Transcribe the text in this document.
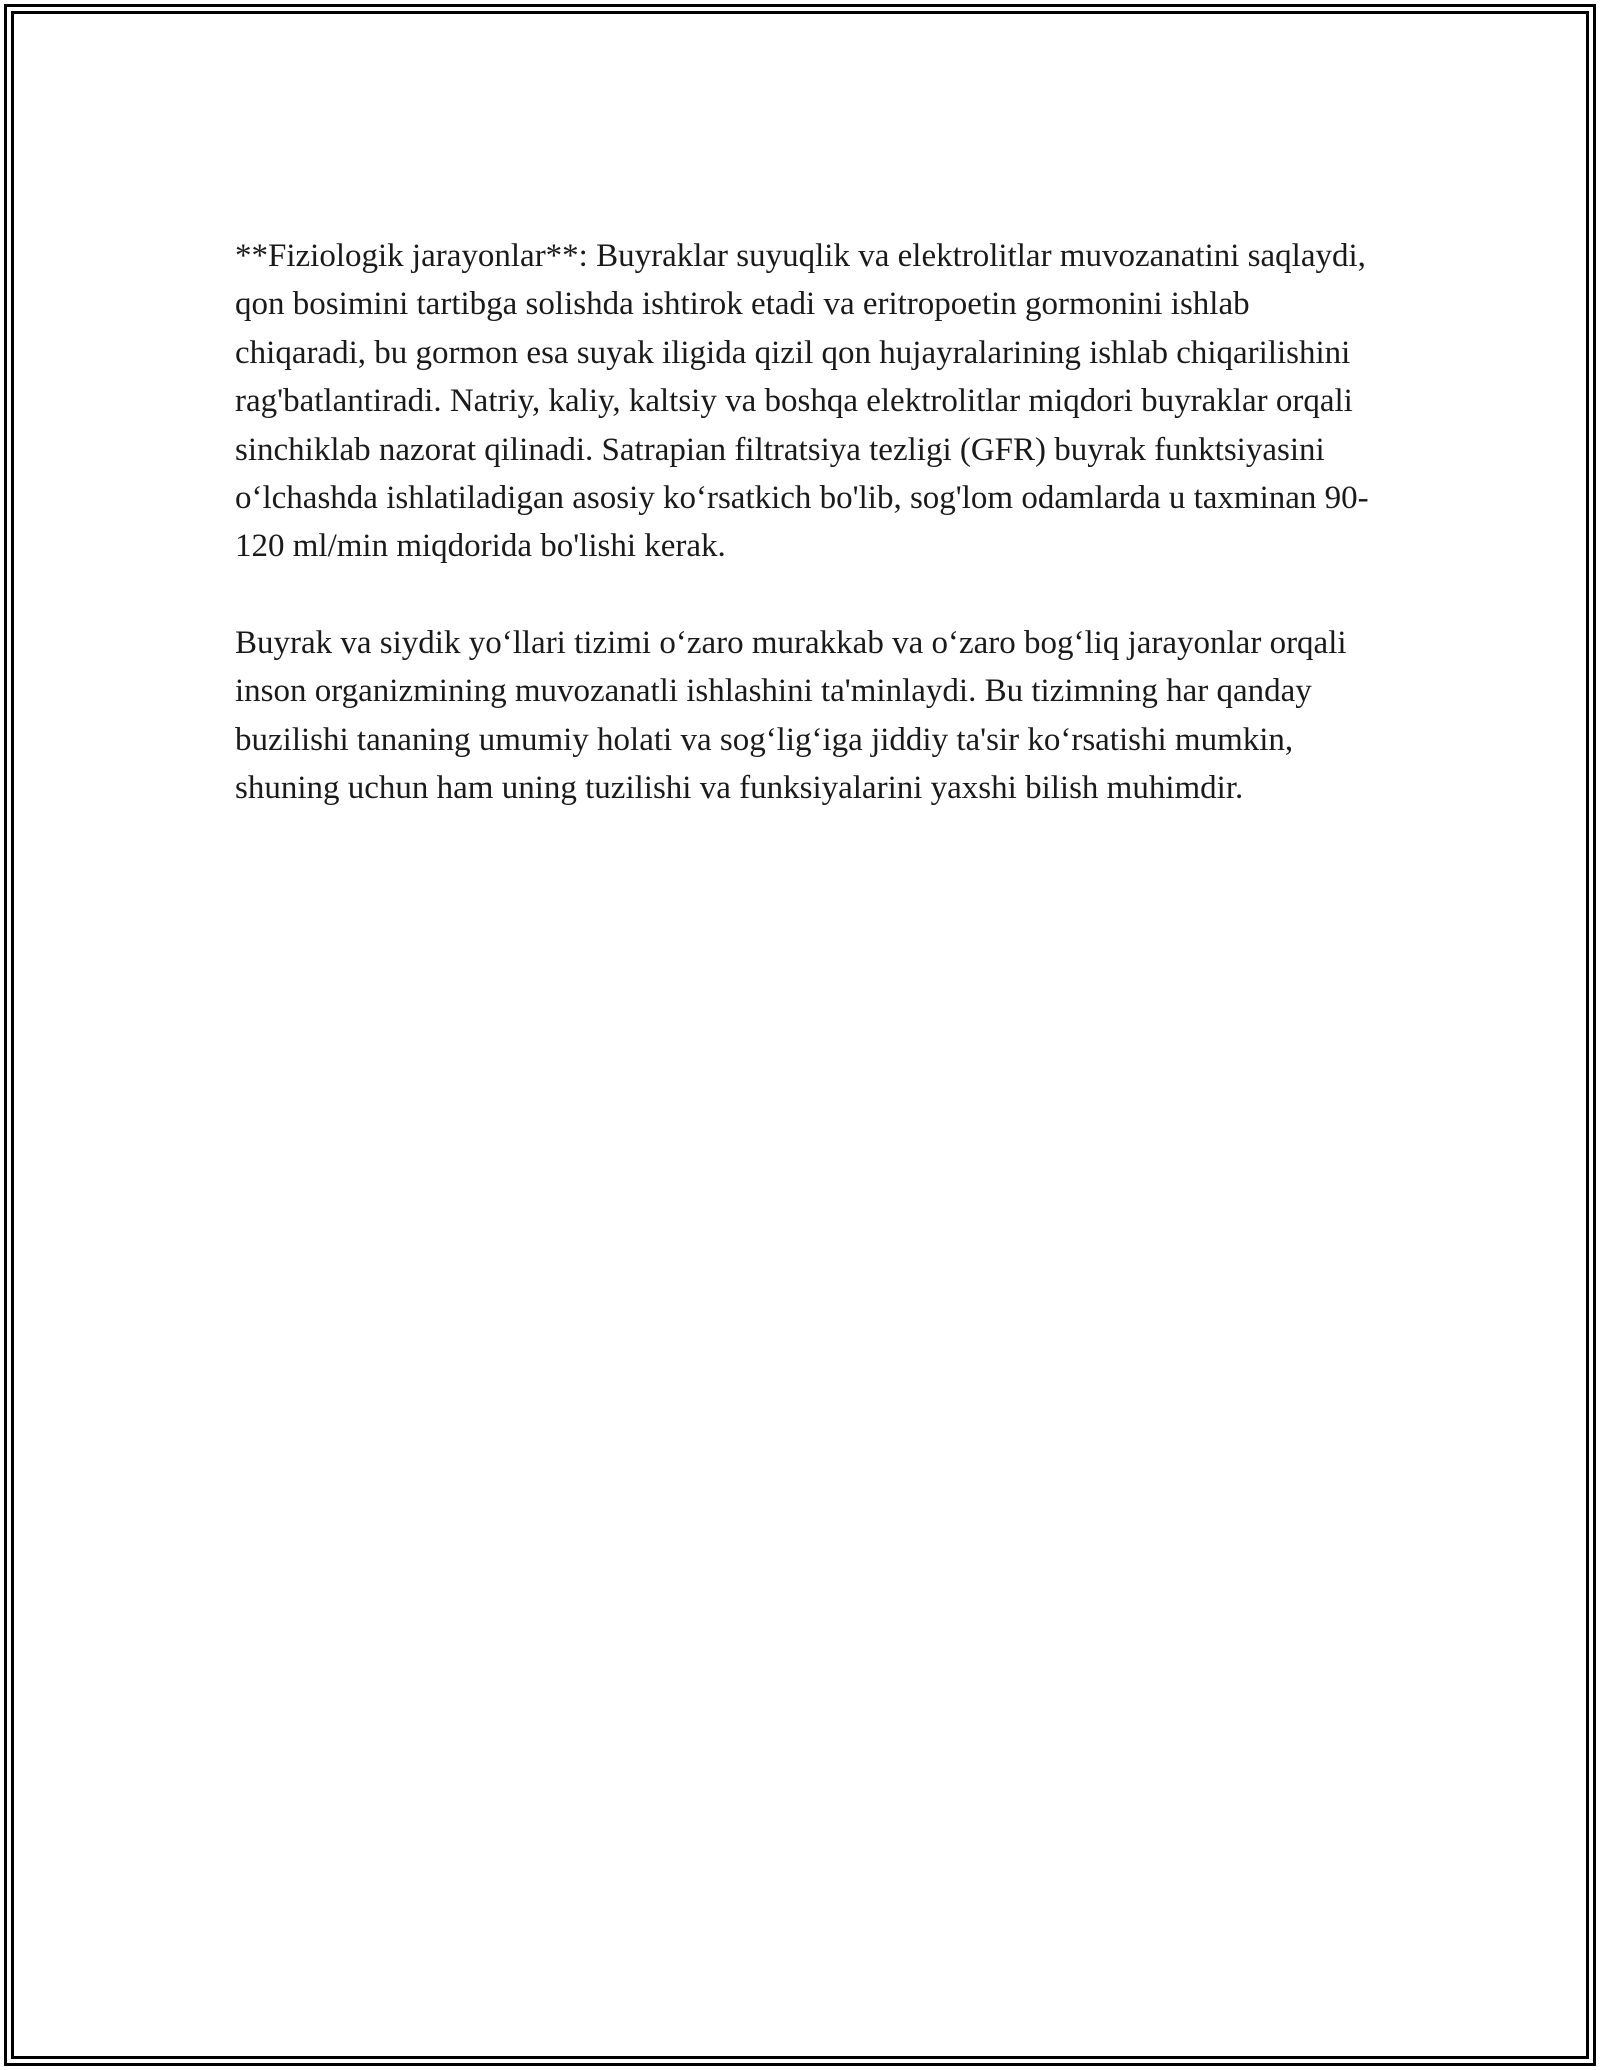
**Fiziologik jarayonlar**: Buyraklar suyuqlik va elektrolitlar muvozanatini saqlaydi, qon bosimini tartibga solishda ishtirok etadi va eritropoetin gormonini ishlab chiqaradi, bu gormon esa suyak iligida qizil qon hujayralarining ishlab chiqarilishini rag'batlantiradi. Natriy, kaliy, kaltsiy va boshqa elektrolitlar miqdori buyraklar orqali sinchiklab nazorat qilinadi. Satrapian filtratsiya tezligi (GFR) buyrak funktsiyasini o‘lchashda ishlatiladigan asosiy ko‘rsatkich bo'lib, sog'lom odamlarda u taxminan 90-120 ml/min miqdorida bo'lishi kerak.

Buyrak va siydik yo‘llari tizimi o‘zaro murakkab va o‘zaro bog‘liq jarayonlar orqali inson organizmining muvozanatli ishlashini ta'minlaydi. Bu tizimning har qanday buzilishi tananing umumiy holati va sog‘lig‘iga jiddiy ta'sir ko‘rsatishi mumkin, shuning uchun ham uning tuzilishi va funksiyalarini yaxshi bilish muhimdir.
